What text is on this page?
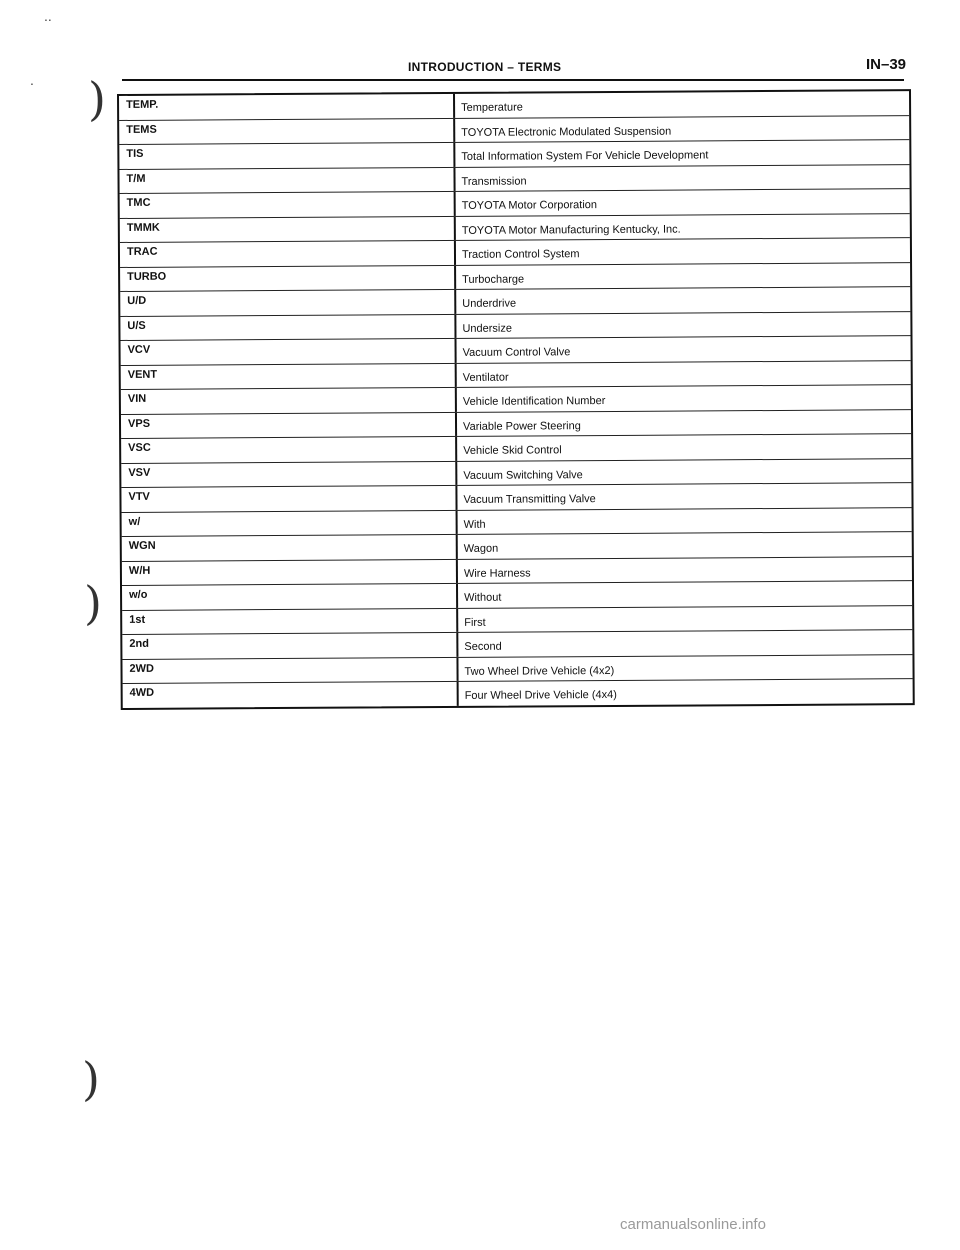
INTRODUCTION – TERMS	IN–39
)
)
)
..
.
TEMP.	Temperature
TEMS	TOYOTA Electronic Modulated Suspension
TIS	Total Information System For Vehicle Development
T/M	Transmission
TMC	TOYOTA Motor Corporation
TMMK	TOYOTA Motor Manufacturing Kentucky, Inc.
TRAC	Traction Control System
TURBO	Turbocharge
U/D	Underdrive
U/S	Undersize
VCV	Vacuum Control Valve
VENT	Ventilator
VIN	Vehicle Identification Number
VPS	Variable Power Steering
VSC	Vehicle Skid Control
VSV	Vacuum Switching Valve
VTV	Vacuum Transmitting Valve
w/	With
WGN	Wagon
W/H	Wire Harness
w/o	Without
1st	First
2nd	Second
2WD	Two Wheel Drive Vehicle (4x2)
4WD	Four Wheel Drive Vehicle (4x4)
carmanualsonline.info
